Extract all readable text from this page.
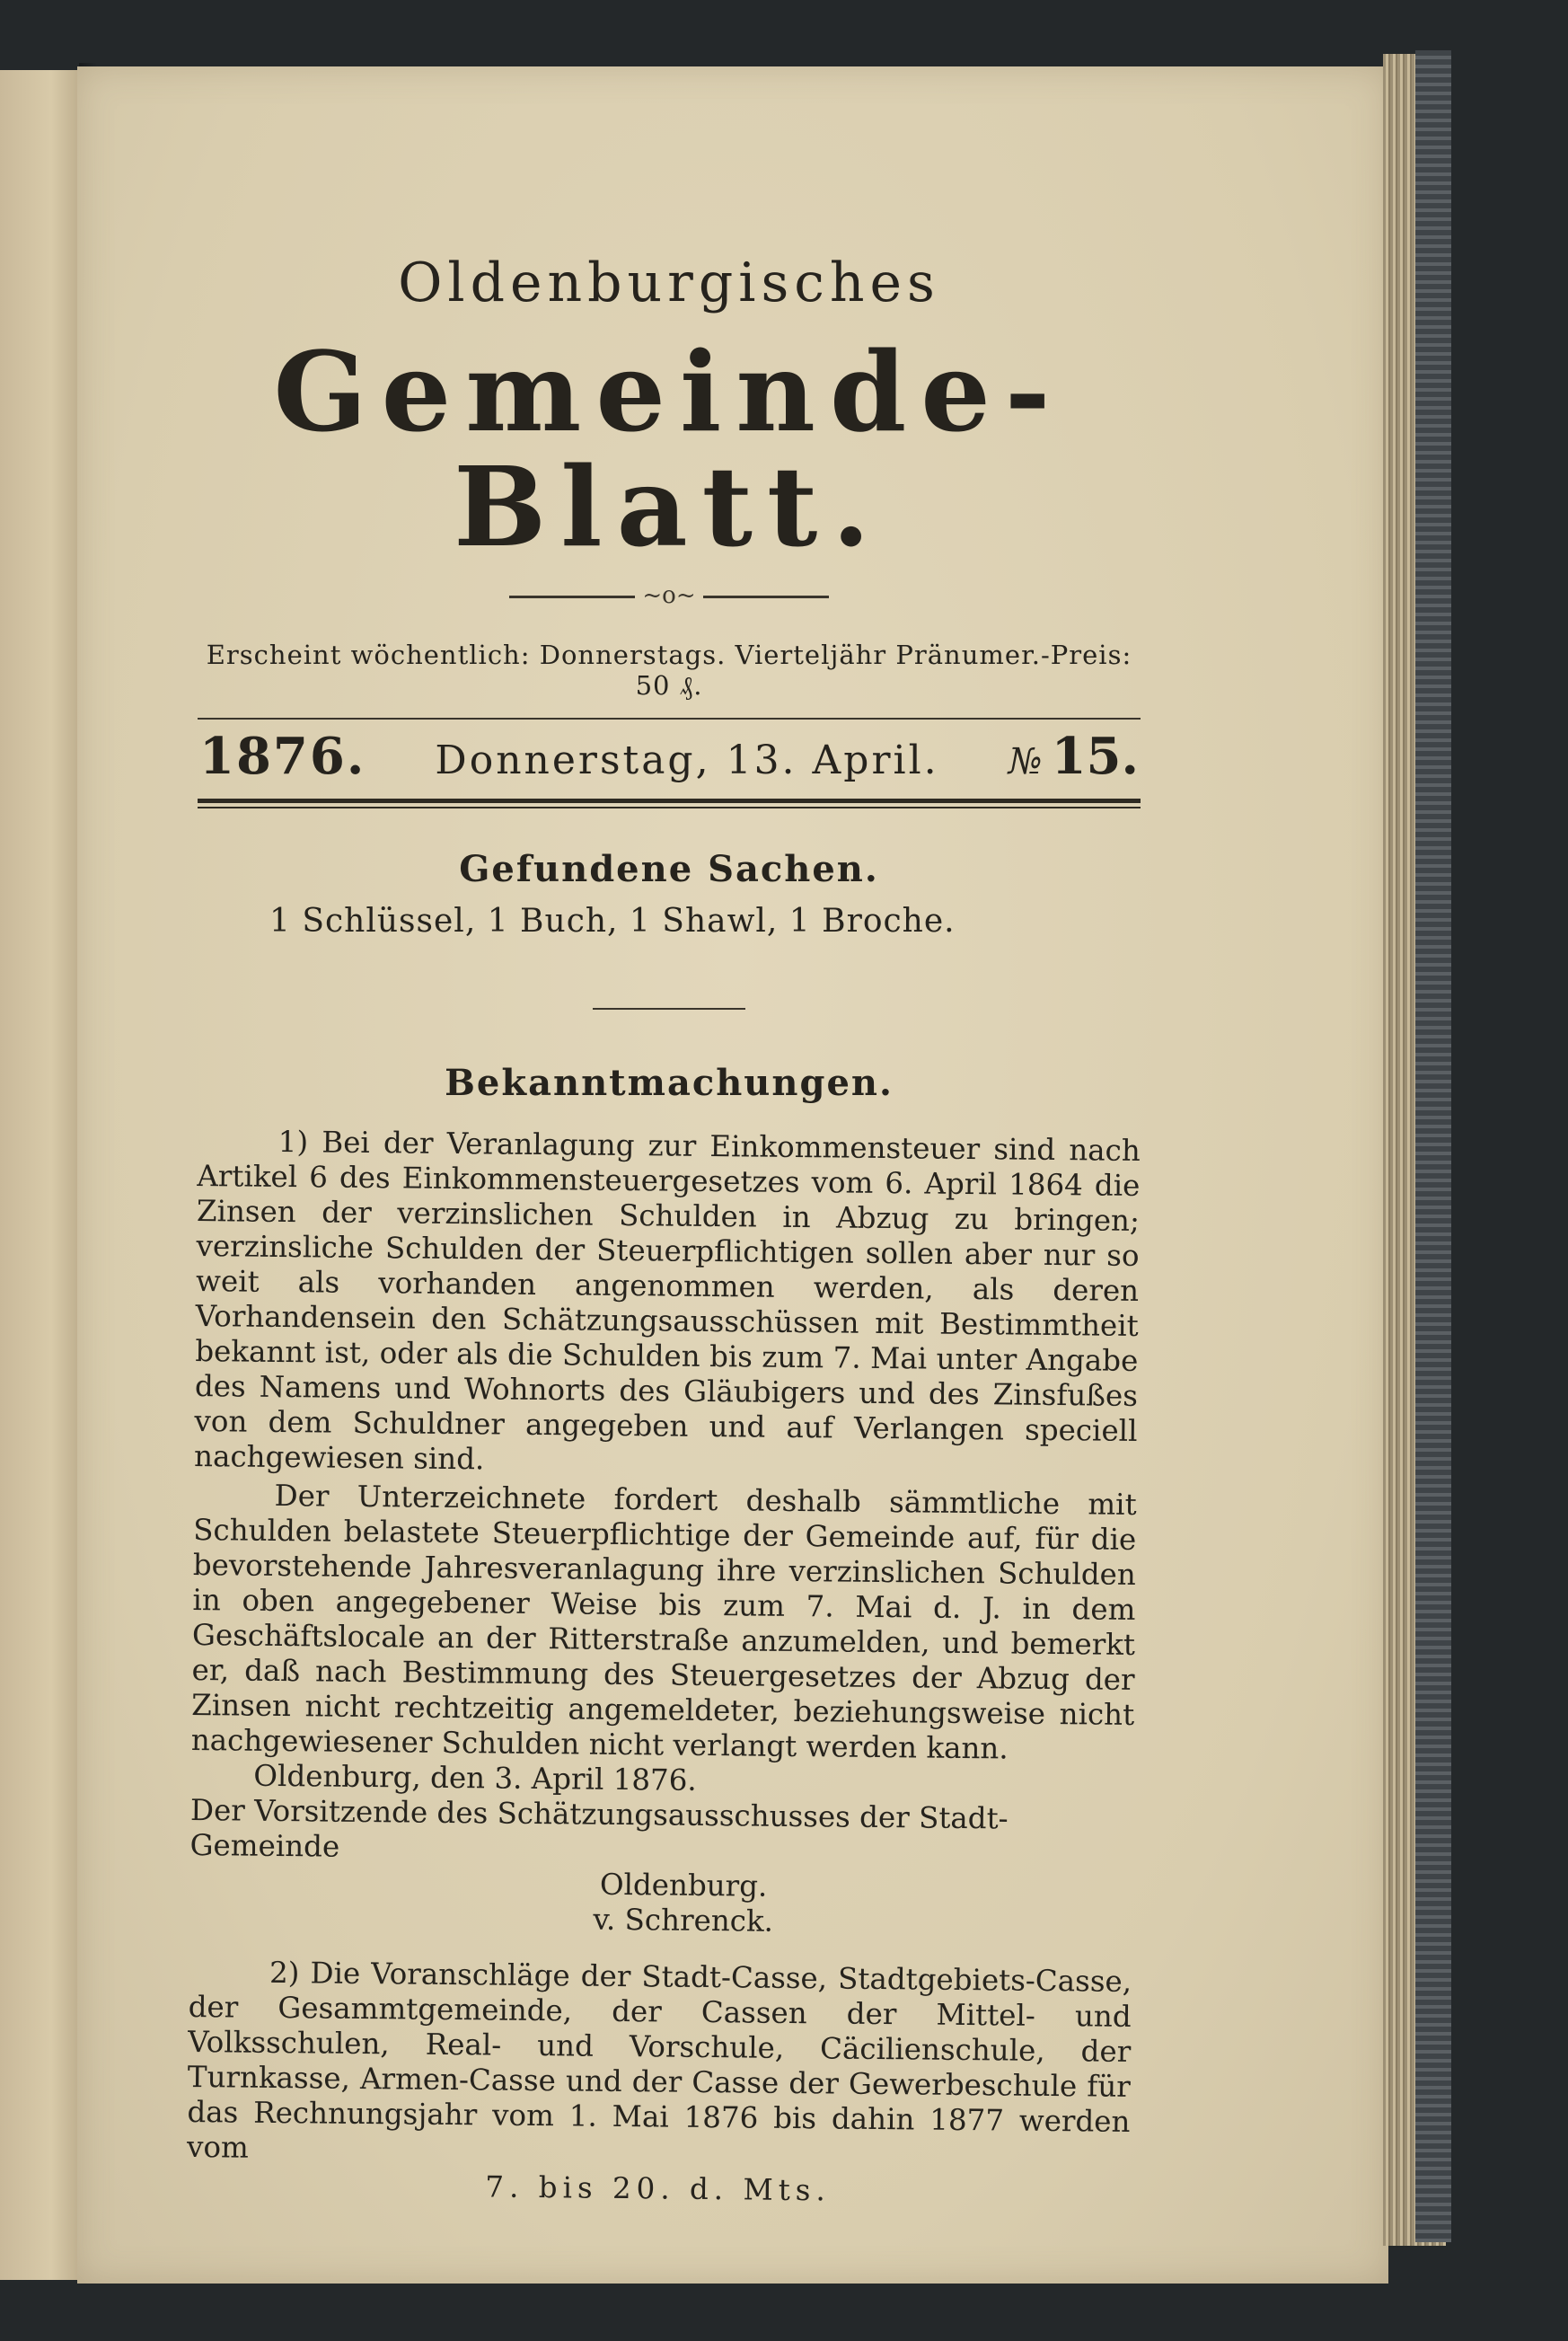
Oldenburgisches
Gemeinde-Blatt.
~o~
Erscheint wöchentlich: Donnerstags. Vierteljähr Pränumer.-Preis: 50 ₰.
1876. Donnerstag, 13. April. № 15.
Gefundene Sachen.
1 Schlüssel, 1 Buch, 1 Shawl, 1 Broche.
Bekanntmachungen.

1) Bei der Veranlagung zur Einkommensteuer sind nach Artikel 6 des Einkommensteuergesetzes vom 6. April 1864 die Zinsen der verzinslichen Schulden in Abzug zu bringen; verzinsliche Schulden der Steuerpflichtigen sollen aber nur so weit als vorhanden angenommen werden, als deren Vorhandensein den Schätzungsausschüssen mit Bestimmtheit bekannt ist, oder als die Schulden bis zum 7. Mai unter Angabe des Namens und Wohnorts des Gläubigers und des Zinsfußes von dem Schuldner angegeben und auf Verlangen speciell nachgewiesen sind.

Der Unterzeichnete fordert deshalb sämmtliche mit Schulden belastete Steuerpflichtige der Gemeinde auf, für die bevorstehende Jahresveranlagung ihre verzinslichen Schulden in oben angegebener Weise bis zum 7. Mai d. J. in dem Geschäftslocale an der Ritterstraße anzumelden, und bemerkt er, daß nach Bestimmung des Steuergesetzes der Abzug der Zinsen nicht rechtzeitig angemeldeter, beziehungsweise nicht nachgewiesener Schulden nicht verlangt werden kann.

Oldenburg, den 3. April 1876.
Der Vorsitzende des Schätzungsausschusses der Stadt-Gemeinde
Oldenburg.
v. Schrenck.

2) Die Voranschläge der Stadt-Casse, Stadtgebiets-Casse, der Gesammtgemeinde, der Cassen der Mittel- und Volksschulen, Real- und Vorschule, Cäcilienschule, der Turnkasse, Armen-Casse und der Casse der Gewerbeschule für das Rechnungsjahr vom 1. Mai 1876 bis dahin 1877 werden vom

7. bis 20. d. Mts.
